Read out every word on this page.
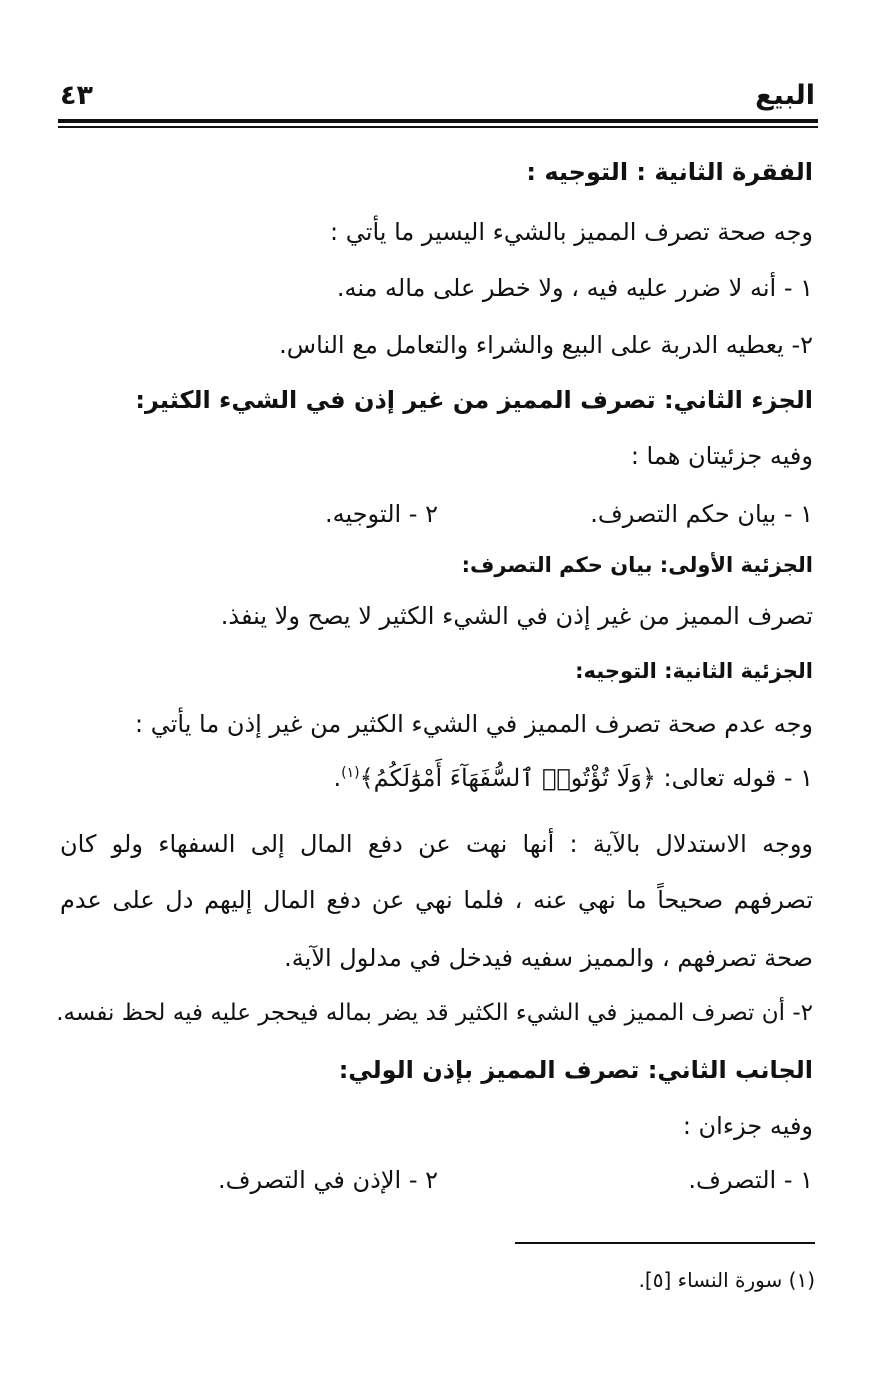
البيع
٤٣
الفقرة الثانية : التوجيه :
وجه صحة تصرف المميز بالشيء اليسير ما يأتي :
١ - أنه لا ضرر عليه فيه ، ولا خطر على ماله منه.
٢- يعطيه الدربة على البيع والشراء والتعامل مع الناس.
الجزء الثاني: تصرف المميز من غير إذن في الشيء الكثير:
وفيه جزئيتان هما :
١ - بيان حكم التصرف.
٢ - التوجيه.
الجزئية الأولى: بيان حكم التصرف:
تصرف المميز من غير إذن في الشيء الكثير لا يصح ولا ينفذ.
الجزئية الثانية: التوجيه:
وجه عدم صحة تصرف المميز في الشيء الكثير من غير إذن ما يأتي :
١ - قوله تعالى: ﴿وَلَا تُؤْتُوا۟ ٱلسُّفَهَآءَ أَمْوَٰلَكُمُ﴾$^{(١)}$.
ووجه الاستدلال بالآية : أنها نهت عن دفع المال إلى السفهاء ولو كان
تصرفهم صحيحاً ما نهي عنه ، فلما نهي عن دفع المال إليهم دل على عدم
صحة تصرفهم ، والمميز سفيه فيدخل في مدلول الآية.
٢- أن تصرف المميز في الشيء الكثير قد يضر بماله فيحجر عليه فيه لحظ نفسه.
الجانب الثاني: تصرف المميز بإذن الولي:
وفيه جزءان :
١ - التصرف.
٢ - الإذن في التصرف.
(١) سورة النساء [٥].
